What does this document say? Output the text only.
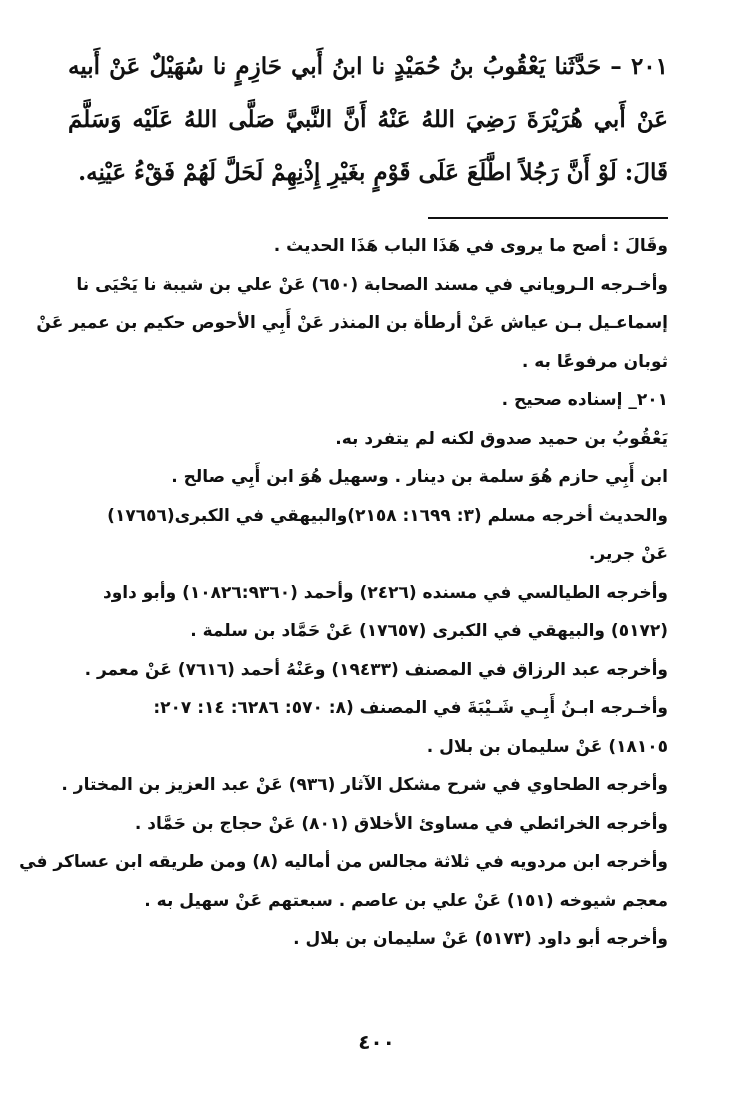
٢٠١ – حَدَّثَنا يَعْقُوبُ بنُ حُمَيْدٍ نا ابنُ أَبي حَازِمٍ نا سُهَيْلٌ عَنْ أَبيه عَنْ أَبي هُرَيْرَةَ رَضِيَ اللهُ عَنْهُ أَنَّ النَّبيَّ صَلَّى اللهُ عَلَيْه وَسَلَّمَ قَالَ: لَوْ أَنَّ رَجُلاً اطَّلَعَ عَلَى قَوْمٍ بغَيْرِ إِذْنِهِمْ لَحَلَّ لَهُمْ فَقْءُ عَيْنِه.

وقَالَ : أصح ما يروى في هَذَا الباب هَذَا الحديث .
وأخـرجه الـروياني في مسند الصحابة (٦٥٠) عَنْ علي بن شيبة نا يَحْيَى نا
إسماعـيل بـن عياش عَنْ أرطأة بن المنذر عَنْ أَبِي الأحوص حكيم بن عمير عَنْ
ثوبان مرفوعًا به .
٢٠١_ إسناده صحيح .
يَعْقُوبُ بن حميد صدوق لكنه لم يتفرد به.
ابن أَبِي حازم هُوَ سلمة بن دينار . وسهيل هُوَ ابن أَبِي صالح .
والحديث أخرجه مسلم (٣: ١٦٩٩: ٢١٥٨)والبيهقي في الكبرى(١٧٦٥٦)
عَنْ جرير.
وأخرجه الطيالسي في مسنده (٢٤٢٦) وأحمد (١٠٨٢٦:٩٣٦٠) وأبو داود
(٥١٧٢) والبيهقي في الكبرى (١٧٦٥٧) عَنْ حَمَّاد بن سلمة .
وأخرجه عبد الرزاق في المصنف (١٩٤٣٣) وعَنْهُ أحمد (٧٦١٦) عَنْ معمر .
وأخـرجه ابـنُ أَبِـي شَـيْبَةَ في المصنف (٨: ٥٧٠: ٦٢٨٦: ١٤: ٢٠٧:
١٨١٠٥) عَنْ سليمان بن بلال .
وأخرجه الطحاوي في شرح مشكل الآثار (٩٣٦) عَنْ عبد العزيز بن المختار .
وأخرجه الخرائطي في مساوئ الأخلاق (٨٠١) عَنْ حجاج بن حَمَّاد .
وأخرجه ابن مردويه في ثلاثة مجالس من أماليه (٨) ومن طريقه ابن عساكر في
معجم شيوخه (١٥١) عَنْ علي بن عاصم . سبعتهم عَنْ سهيل به .
وأخرجه أبو داود (٥١٧٣) عَنْ سليمان بن بلال .
٤٠٠
